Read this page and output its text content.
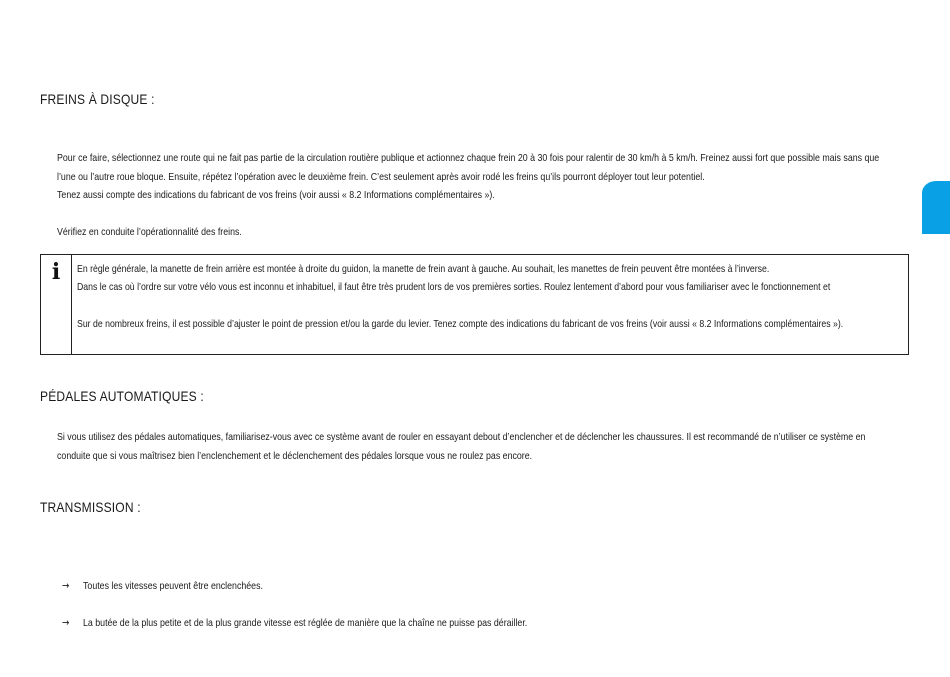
FREINS À DISQUE :

Pour ce faire, sélectionnez une route qui ne fait pas partie de la circulation routière publique et actionnez chaque frein 20 à 30 fois pour ralentir de 30 km/h à 5 km/h. Freinez aussi fort que possible mais sans que l’une ou l’autre roue bloque. Ensuite, répétez l’opération avec le deuxième frein. C’est seulement après avoir rodé les freins qu’ils pourront déployer tout leur potentiel.

Tenez aussi compte des indications du fabricant de vos freins (voir aussi « 8.2 Informations complémentaires »).

Vérifiez en conduite l’opérationnalité des freins.

i	En règle générale, la manette de frein arrière est montée à droite du guidon, la manette de frein avant à gauche. Au souhait, les manettes de frein peuvent être montées à l’inverse.
Dans le cas où l’ordre sur votre vélo vous est inconnu et inhabituel, il faut être très prudent lors de vos premières sorties. Roulez lentement d’abord pour vous familiariser avec le fonctionnement et
Sur de nombreux freins, il est possible d’ajuster le point de pression et/ou la garde du levier. Tenez compte des indications du fabricant de vos freins (voir aussi « 8.2 Informations complémentaires »).
PÉDALES AUTOMATIQUES :

Si vous utilisez des pédales automatiques, familiarisez-vous avec ce système avant de rouler en essayant debout d’enclencher et de déclencher les chaussures. Il est recommandé de n’utiliser ce système en conduite que si vous maîtrisez bien l’enclenchement et le déclenchement des pédales lorsque vous ne roulez pas encore.

TRANSMISSION :

→ Toutes les vitesses peuvent être enclenchées.

→ La butée de la plus petite et de la plus grande vitesse est réglée de manière que la chaîne ne puisse pas dérailler.
